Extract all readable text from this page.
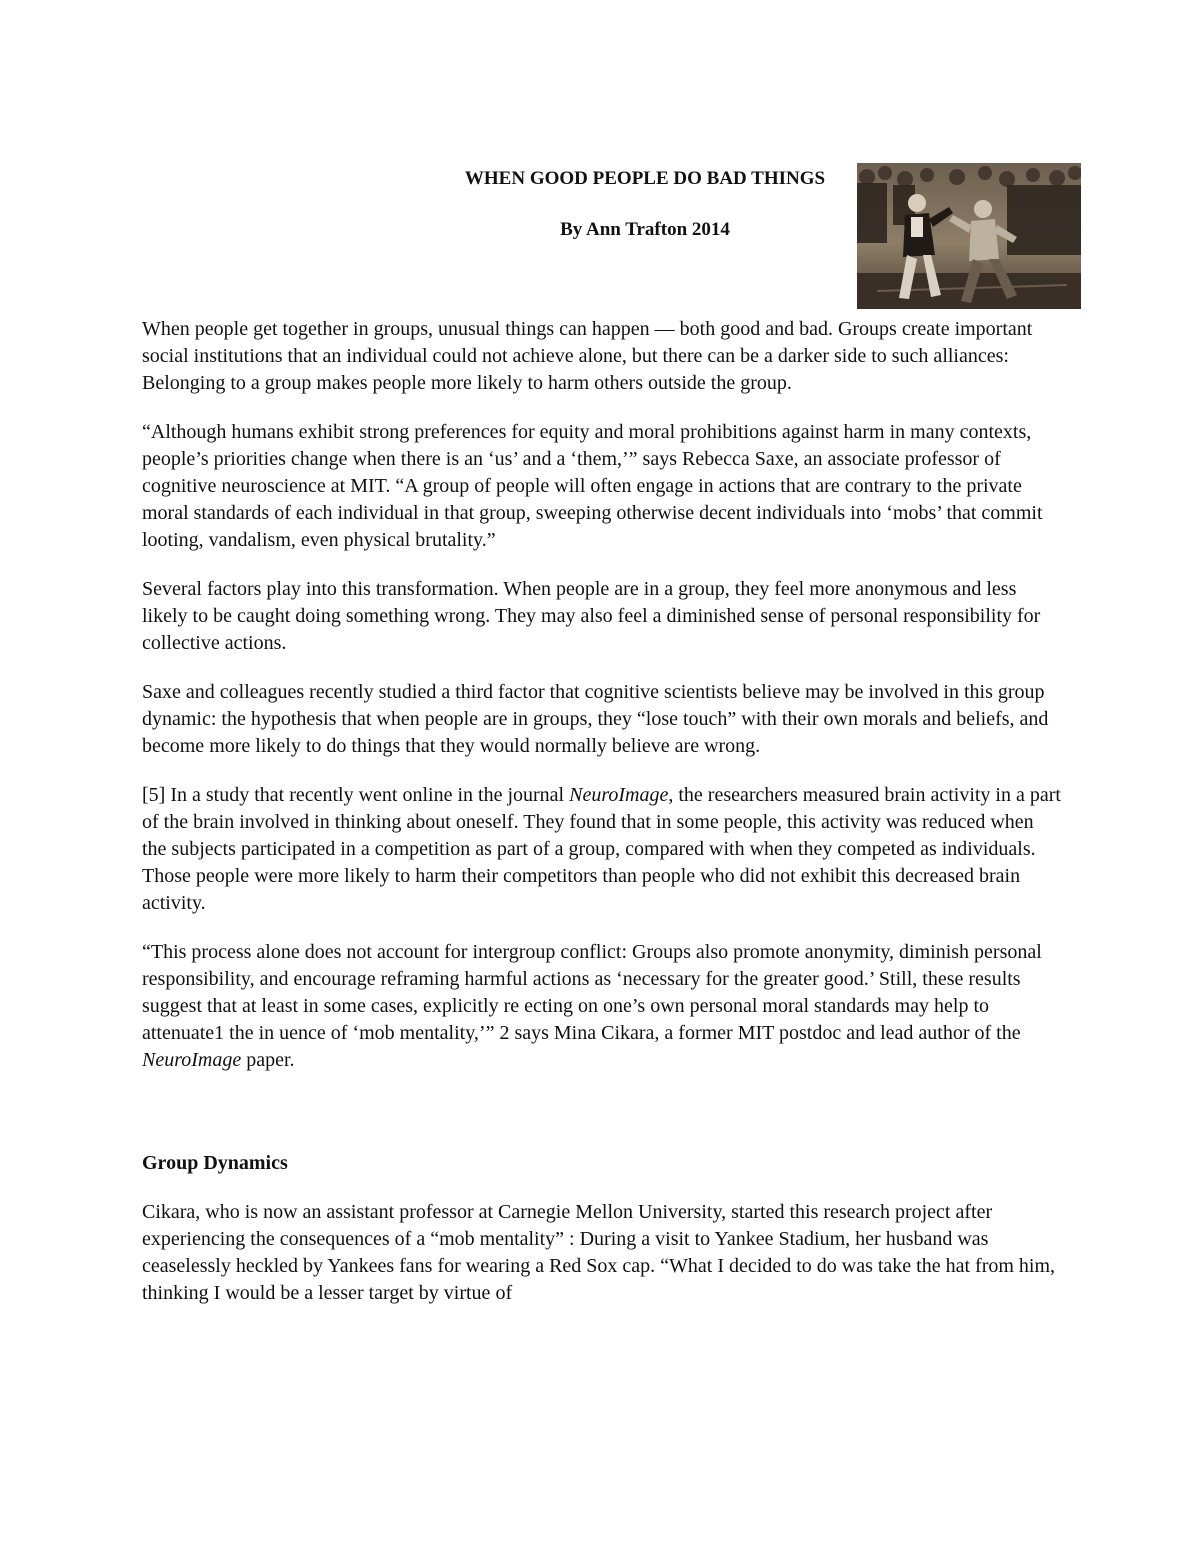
WHEN GOOD PEOPLE DO BAD THINGS
By Ann Trafton 2014

When people get together in groups, unusual things can happen — both good and bad. Groups create important social institutions that an individual could not achieve alone, but there can be a darker side to such alliances: Belonging to a group makes people more likely to harm others outside the group.

“Although humans exhibit strong preferences for equity and moral prohibitions against harm in many contexts, people’s priorities change when there is an ‘us’ and a ‘them,’” says Rebecca Saxe, an associate professor of cognitive neuroscience at MIT. “A group of people will often engage in actions that are contrary to the private moral standards of each individual in that group, sweeping otherwise decent individuals into ‘mobs’ that commit looting, vandalism, even physical brutality.”

Several factors play into this transformation. When people are in a group, they feel more anonymous and less likely to be caught doing something wrong. They may also feel a diminished sense of personal responsibility for collective actions.

Saxe and colleagues recently studied a third factor that cognitive scientists believe may be involved in this group dynamic: the hypothesis that when people are in groups, they “lose touch” with their own morals and beliefs, and become more likely to do things that they would normally believe are wrong.

[5] In a study that recently went online in the journal NeuroImage, the researchers measured brain activity in a part of the brain involved in thinking about oneself. They found that in some people, this activity was reduced when the subjects participated in a competition as part of a group, compared with when they competed as individuals. Those people were more likely to harm their competitors than people who did not exhibit this decreased brain activity.

“This process alone does not account for intergroup conflict: Groups also promote anonymity, diminish personal responsibility, and encourage reframing harmful actions as ‘necessary for the greater good.’ Still, these results suggest that at least in some cases, explicitly re ecting on one’s own personal moral standards may help to attenuate1 the in uence of ‘mob mentality,’” 2 says Mina Cikara, a former MIT postdoc and lead author of the NeuroImage paper.

Group Dynamics

Cikara, who is now an assistant professor at Carnegie Mellon University, started this research project after experiencing the consequences of a “mob mentality” : During a visit to Yankee Stadium, her husband was ceaselessly heckled by Yankees fans for wearing a Red Sox cap. “What I decided to do was take the hat from him, thinking I would be a lesser target by virtue of
